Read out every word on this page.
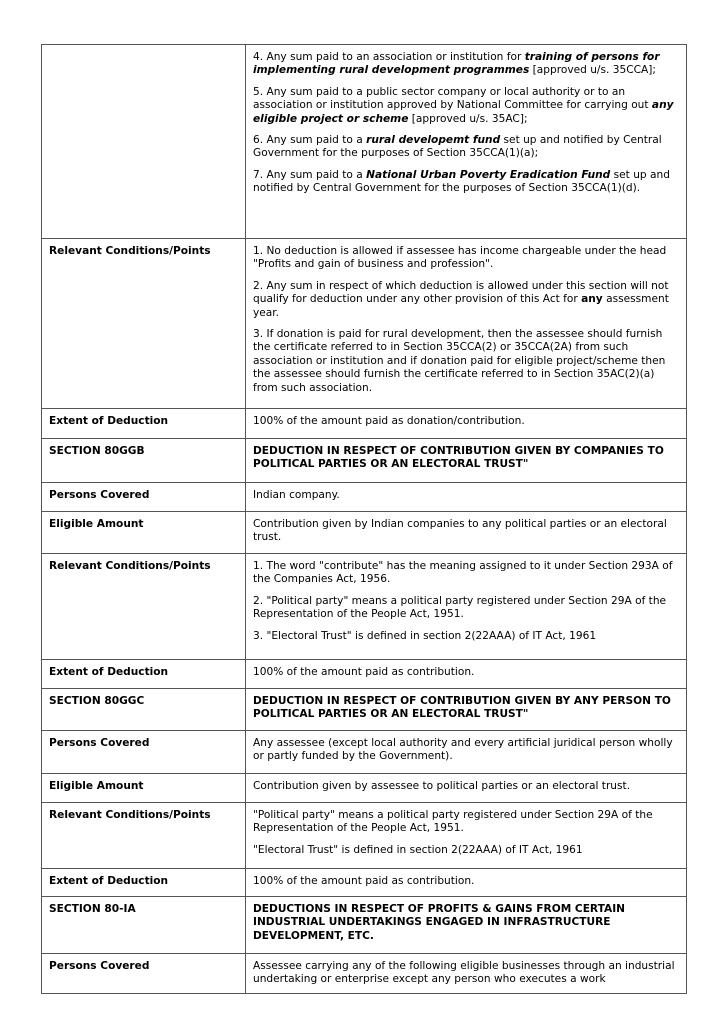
	4. Any sum paid to an association or institution for training of persons for implementing rural development programmes [approved u/s. 35CCA];

5. Any sum paid to a public sector company or local authority or to an association or institution approved by National Committee for carrying out any eligible project or scheme [approved u/s. 35AC];

6. Any sum paid to a rural developemt fund set up and notified by Central Government for the purposes of Section 35CCA(1)(a);

7. Any sum paid to a National Urban Poverty Eradication Fund set up and notified by Central Government for the purposes of Section 35CCA(1)(d).

Relevant Conditions/Points	1. No deduction is allowed if assessee has income chargeable under the head "Profits and gain of business and profession".

2. Any sum in respect of which deduction is allowed under this section will not qualify for deduction under any other provision of this Act for any assessment year.

3. If donation is paid for rural development, then the assessee should furnish the certificate referred to in Section 35CCA(2) or 35CCA(2A) from such association or institution and if donation paid for eligible project/scheme then the assessee should furnish the certificate referred to in Section 35AC(2)(a) from such association.

Extent of Deduction	100% of the amount paid as donation/contribution.
SECTION 80GGB	DEDUCTION IN RESPECT OF CONTRIBUTION GIVEN BY COMPANIES TO POLITICAL PARTIES OR AN ELECTORAL TRUST"
Persons Covered	Indian company.
Eligible Amount	Contribution given by Indian companies to any political parties or an electoral trust.
Relevant Conditions/Points	1. The word "contribute" has the meaning assigned to it under Section 293A of the Companies Act, 1956.

2. "Political party" means a political party registered under Section 29A of the Representation of the People Act, 1951.

3. "Electoral Trust" is defined in section 2(22AAA) of IT Act, 1961

Extent of Deduction	100% of the amount paid as contribution.
SECTION 80GGC	DEDUCTION IN RESPECT OF CONTRIBUTION GIVEN BY ANY PERSON TO POLITICAL PARTIES OR AN ELECTORAL TRUST"
Persons Covered	Any assessee (except local authority and every artificial juridical person wholly or partly funded by the Government).
Eligible Amount	Contribution given by assessee to political parties or an electoral trust.
Relevant Conditions/Points	"Political party" means a political party registered under Section 29A of the Representation of the People Act, 1951.

"Electoral Trust" is defined in section 2(22AAA) of IT Act, 1961

Extent of Deduction	100% of the amount paid as contribution.
SECTION 80-IA	DEDUCTIONS IN RESPECT OF PROFITS & GAINS FROM CERTAIN INDUSTRIAL UNDERTAKINGS ENGAGED IN INFRASTRUCTURE DEVELOPMENT, ETC.
Persons Covered	Assessee carrying any of the following eligible businesses through an industrial undertaking or enterprise except any person who executes a work
